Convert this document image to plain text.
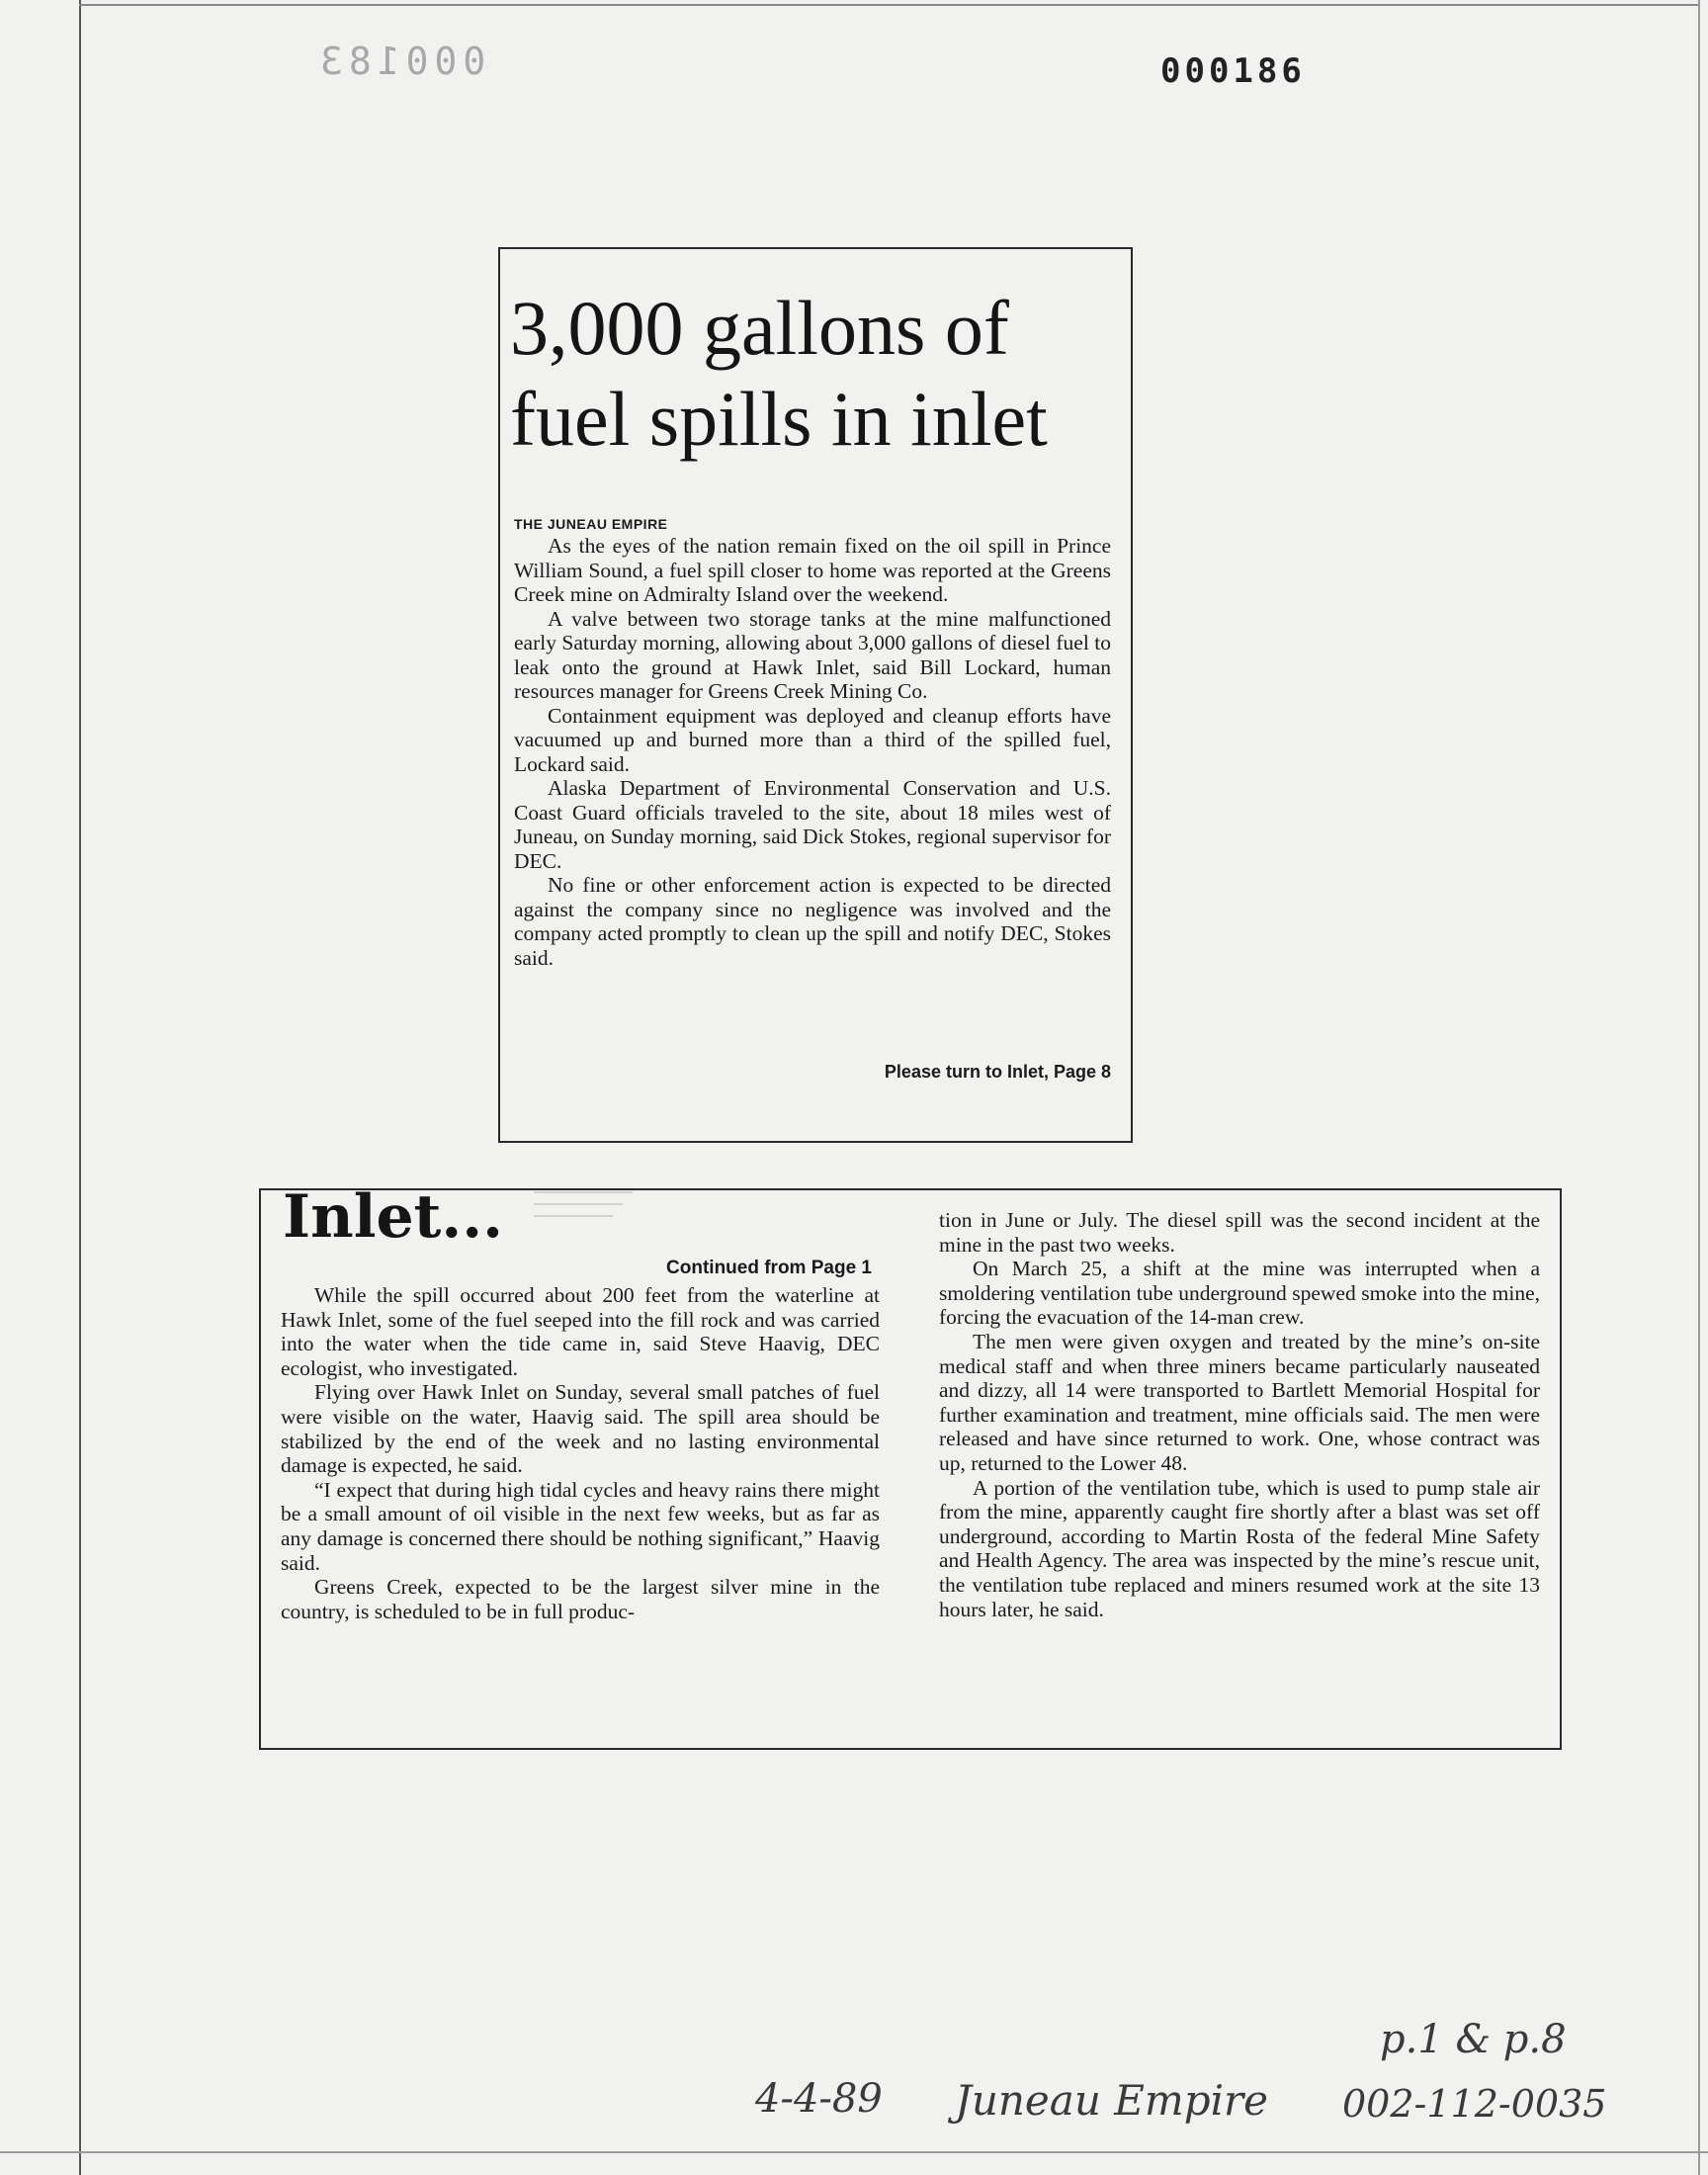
000183	000186
3,000 gallons of fuel spills in inlet
THE JUNEAU EMPIRE

As the eyes of the nation remain fixed on the oil spill in Prince William Sound, a fuel spill closer to home was reported at the Greens Creek mine on Admiralty Island over the weekend.

A valve between two storage tanks at the mine malfunctioned early Saturday morning, allowing about 3,000 gallons of diesel fuel to leak onto the ground at Hawk Inlet, said Bill Lockard, human resources manager for Greens Creek Mining Co.

Containment equipment was deployed and cleanup efforts have vacuumed up and burned more than a third of the spilled fuel, Lockard said.

Alaska Department of Environmental Conservation and U.S. Coast Guard officials traveled to the site, about 18 miles west of Juneau, on Sunday morning, said Dick Stokes, regional supervisor for DEC.

No fine or other enforcement action is expected to be directed against the company since no negligence was involved and the company acted promptly to clean up the spill and notify DEC, Stokes said.

Please turn to Inlet, Page 8
Inlet...
Continued from Page 1

While the spill occurred about 200 feet from the waterline at Hawk Inlet, some of the fuel seeped into the fill rock and was carried into the water when the tide came in, said Steve Haavig, DEC ecologist, who investigated.

Flying over Hawk Inlet on Sunday, several small patches of fuel were visible on the water, Haavig said. The spill area should be stabilized by the end of the week and no lasting environmental damage is expected, he said.

“I expect that during high tidal cycles and heavy rains there might be a small amount of oil visible in the next few weeks, but as far as any damage is concerned there should be nothing significant,” Haavig said.

Greens Creek, expected to be the largest silver mine in the country, is scheduled to be in full produc-

tion in June or July. The diesel spill was the second incident at the mine in the past two weeks.

On March 25, a shift at the mine was interrupted when a smoldering ventilation tube underground spewed smoke into the mine, forcing the evacuation of the 14-man crew.

The men were given oxygen and treated by the mine’s on-site medical staff and when three miners became particularly nauseated and dizzy, all 14 were transported to Bartlett Memorial Hospital for further examination and treatment, mine officials said. The men were released and have since returned to work. One, whose contract was up, returned to the Lower 48.

A portion of the ventilation tube, which is used to pump stale air from the mine, apparently caught fire shortly after a blast was set off underground, according to Martin Rosta of the federal Mine Safety and Health Agency. The area was inspected by the mine’s rescue unit, the ventilation tube replaced and miners resumed work at the site 13 hours later, he said.

p.1 & p.8
4-4-89 Juneau Empire 002-112-0035
